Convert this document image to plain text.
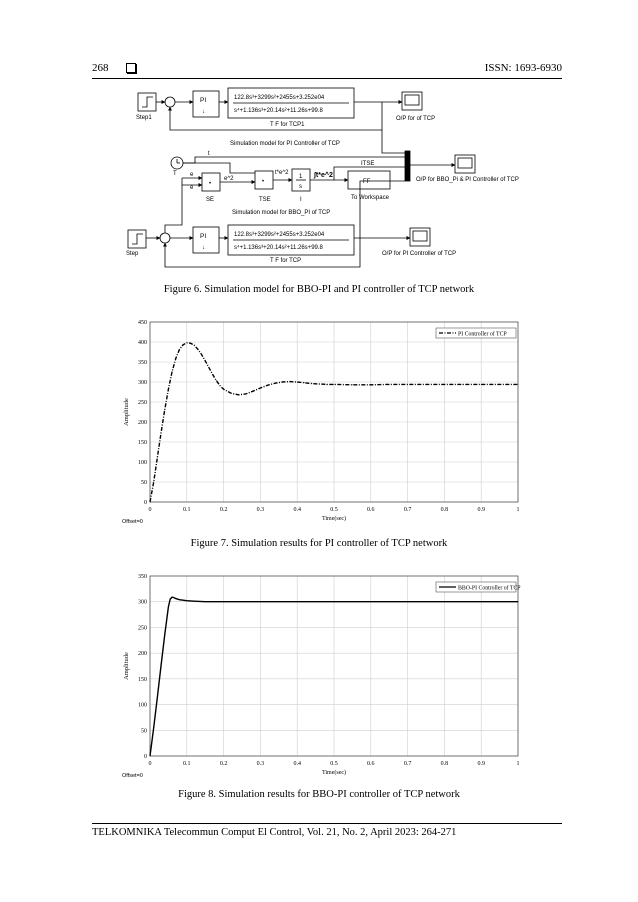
268	ISSN: 1693-6930
Step1
Step
-
-
PI
↓
PI
↓
122.8s³+3299s²+2455s+3.252e04
s⁴+1.136s³+20.14s²+11.26s+99.8
T F for TCP1
122.8s³+3299s²+2455s+3.252e04
s⁴+1.136s³+20.14s²+11.26s+99.8
T F for TCP
O/P for of TCP
Simulation model for PI Controller of TCP
T
t
e
e
•	•
e^2
SE	TSE
t*e^2
1
s
I
∫t*e^2
FF
To Workspace
ITSE
O/P for BBO_Pi & PI Controller of TCP
Simulation model for BBO_PI of TCP
O/P for PI Controller of TCP
Figure 6. Simulation model for BBO-PI and PI controller of TCP network
0	0.1	0.2	0.3	0.4	0.5	0.6	0.7	0.8	0.9	1
0
50
100
150
200
250
300
350
400
450
Time(sec)
Amplitude
Offset=0
PI Controller of TCP
Figure 7. Simulation results for PI controller of TCP network
0	0.1	0.2	0.3	0.4	0.5	0.6	0.7	0.8	0.9	1
0
50
100
150
200
250
300
350
Time(sec)
Amplitude
Offset=0
BBO-PI Controller of TCP
Figure 8. Simulation results for BBO-PI controller of TCP network
TELKOMNIKA Telecommun Comput El Control, Vol. 21, No. 2, April 2023: 264-271
